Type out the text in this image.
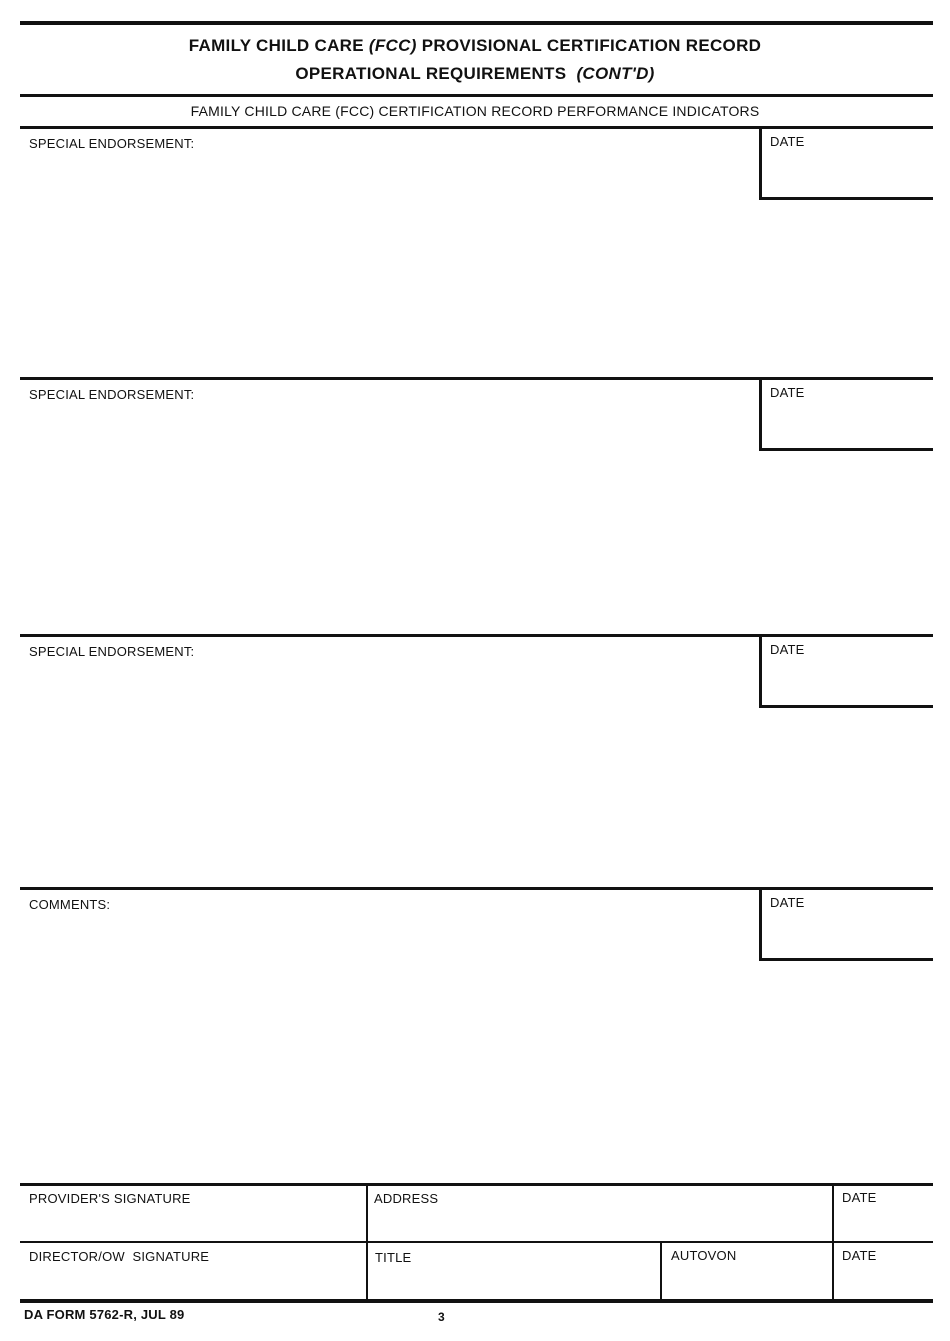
FAMILY CHILD CARE (FCC) PROVISIONAL CERTIFICATION RECORD
OPERATIONAL REQUIREMENTS  (CONT'D)
FAMILY CHILD CARE (FCC) CERTIFICATION RECORD PERFORMANCE INDICATORS
SPECIAL ENDORSEMENT:	DATE
SPECIAL ENDORSEMENT:	DATE
SPECIAL ENDORSEMENT:	DATE
COMMENTS:	DATE
PROVIDER'S SIGNATURE	ADDRESS	DATE
DIRECTOR/OW  SIGNATURE	TITLE	AUTOVON	DATE
DA FORM 5762-R, JUL 89	3
